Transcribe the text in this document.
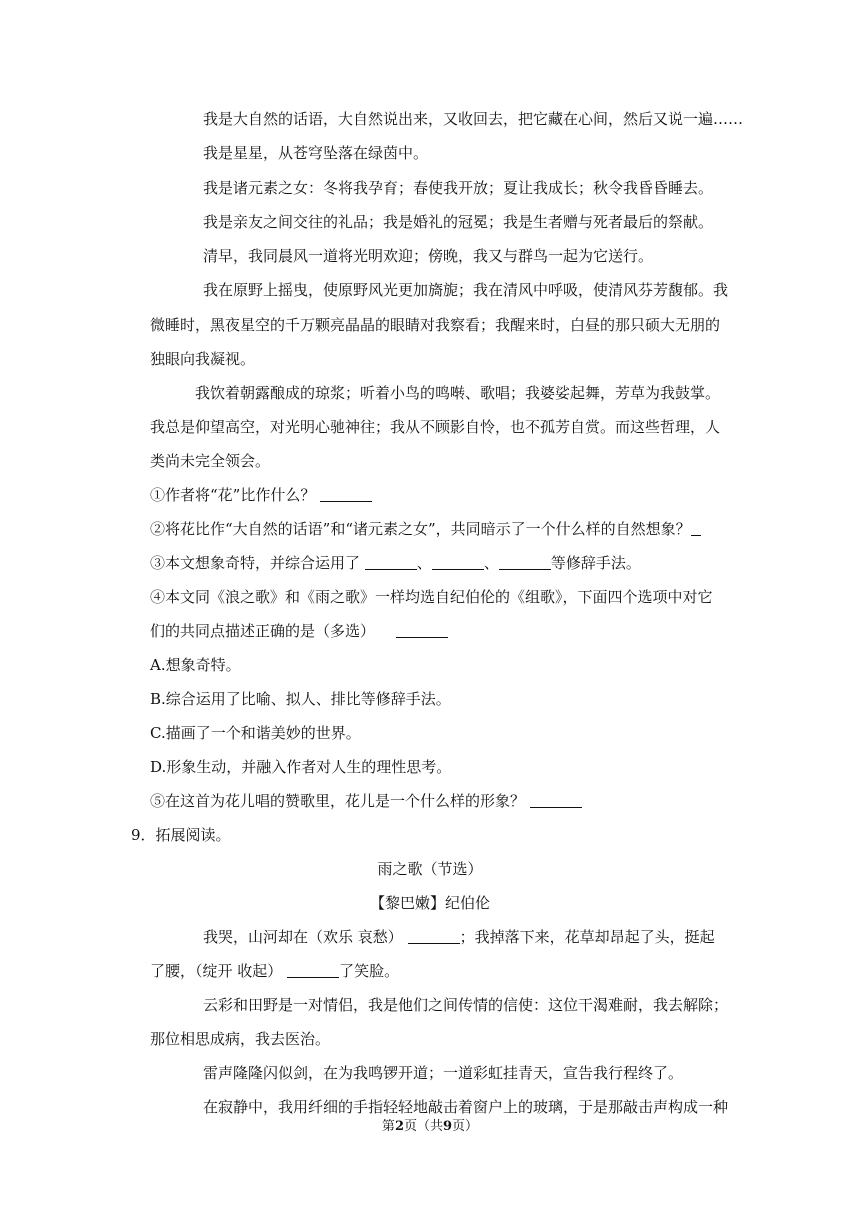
我是大自然的话语，大自然说出来，又收回去，把它藏在心间，然后又说一遍……
我是星星，从苍穹坠落在绿茵中。
我是诸元素之女：冬将我孕育；春使我开放；夏让我成长；秋令我昏昏睡去。
我是亲友之间交往的礼品；我是婚礼的冠冕；我是生者赠与死者最后的祭献。
清早，我同晨风一道将光明欢迎；傍晚，我又与群鸟一起为它送行。
我在原野上摇曳，使原野风光更加旖旎；我在清风中呼吸，使清风芬芳馥郁。我
微睡时，黑夜星空的千万颗亮晶晶的眼睛对我察看；我醒来时，白昼的那只硕大无朋的
独眼向我凝视。
我饮着朝露酿成的琼浆；听着小鸟的鸣啭、歌唱；我婆娑起舞，芳草为我鼓掌。
我总是仰望高空，对光明心驰神往；我从不顾影自怜，也不孤芳自赏。而这些哲理，人
类尚未完全领会。
①作者将“花”比作什么？
②将花比作“大自然的话语”和“诸元素之女”，共同暗示了一个什么样的自然想象？
③本文想象奇特，并综合运用了	、	、	等修辞手法。
④本文同《浪之歌》和《雨之歌》一样均选自纪伯伦的《组歌》，下面四个选项中对它
们的共同点描述正确的是（多选）
A.想象奇特。
B.综合运用了比喻、拟人、排比等修辞手法。
C.描画了一个和谐美妙的世界。
D.形象生动，并融入作者对人生的理性思考。
⑤在这首为花儿唱的赞歌里，花儿是一个什么样的形象？
9．拓展阅读。
雨之歌（节选）
【黎巴嫩】纪伯伦
我哭，山河却在（欢乐 哀愁）	；我掉落下来，花草却昂起了头，挺起
了腰，（绽开 收起）	了笑脸。
云彩和田野是一对情侣，我是他们之间传情的信使：这位干渴难耐，我去解除；
那位相思成病，我去医治。
雷声隆隆闪似剑，在为我鸣锣开道；一道彩虹挂青天，宣告我行程终了。
在寂静中，我用纤细的手指轻轻地敲击着窗户上的玻璃，于是那敲击声构成一种
第2页（共9页）
